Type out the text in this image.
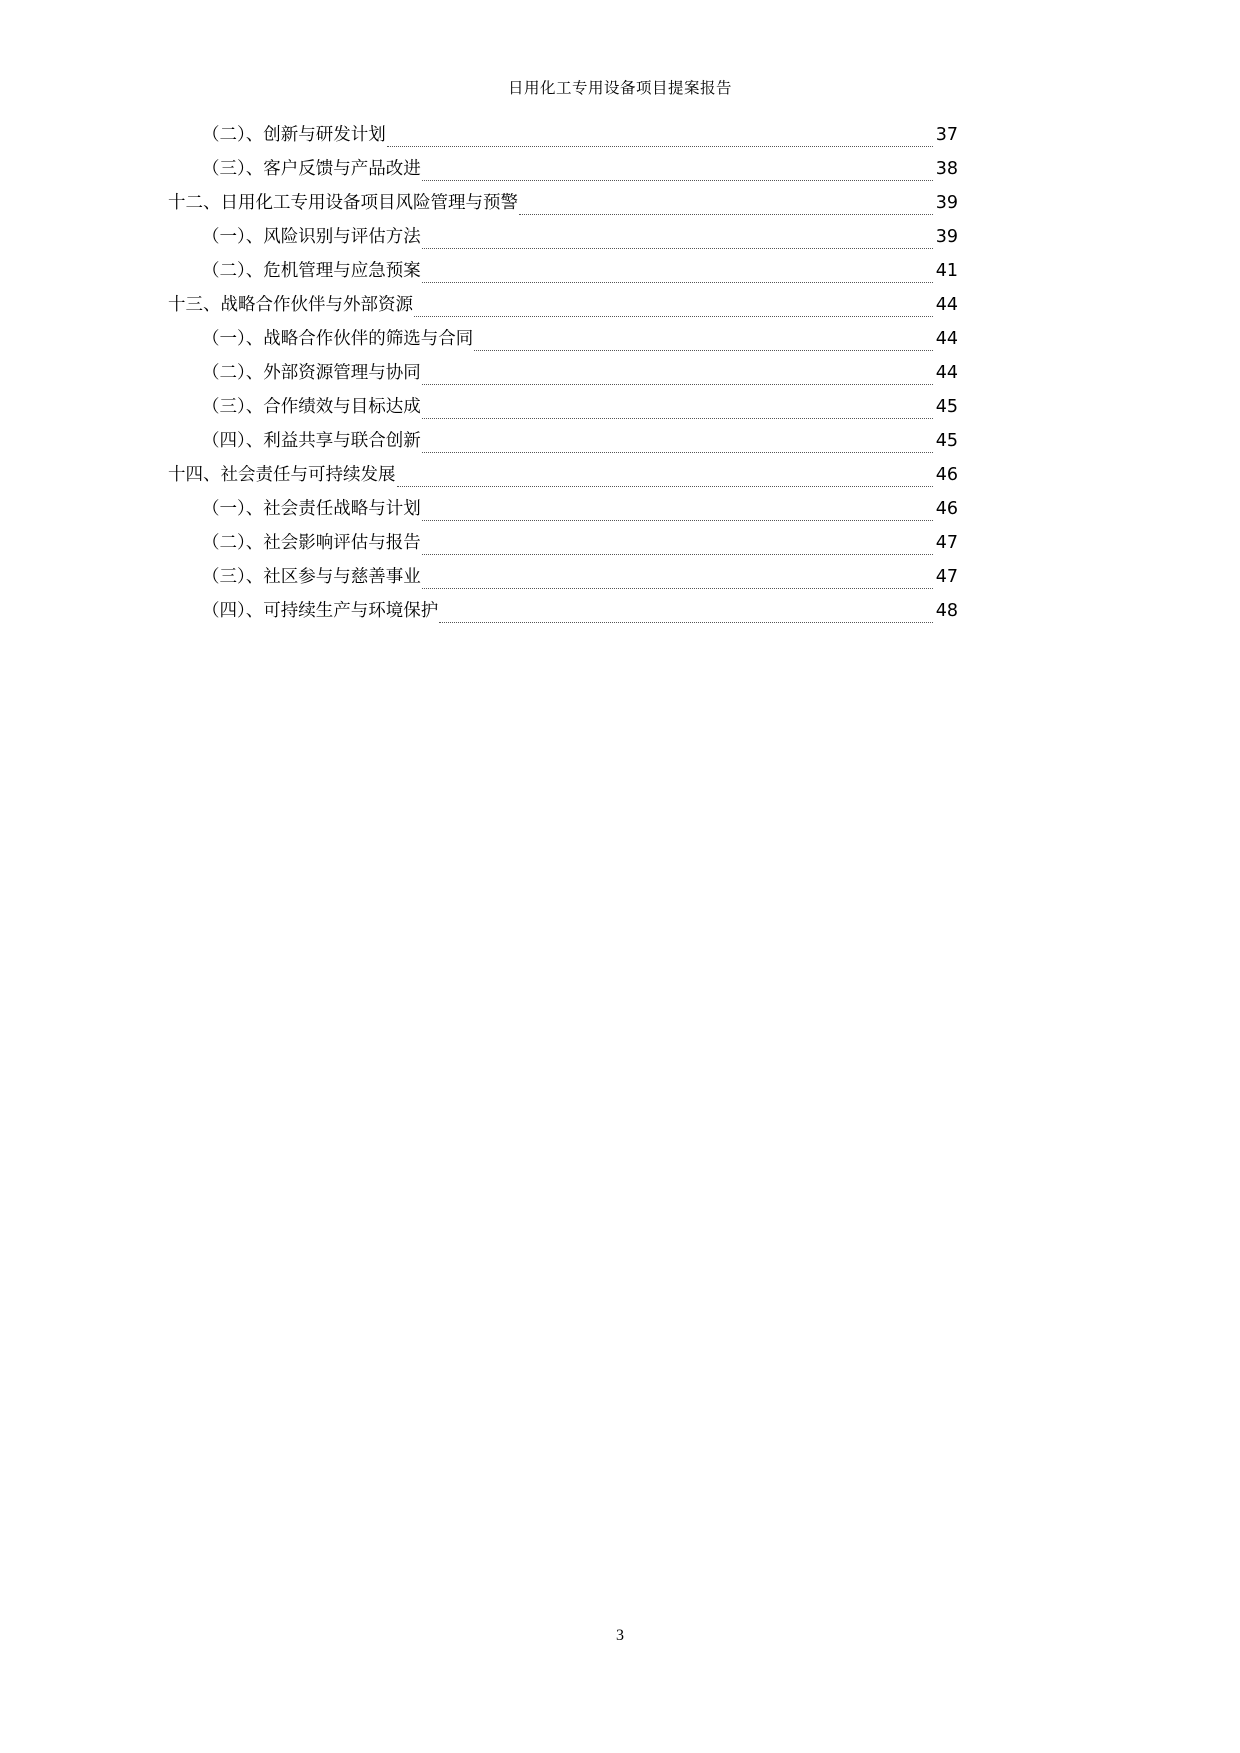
日用化工专用设备项目提案报告
（二）、创新与研发计划	37
（三）、客户反馈与产品改进	38
十二、日用化工专用设备项目风险管理与预警	39
（一）、风险识别与评估方法	39
（二）、危机管理与应急预案	41
十三、战略合作伙伴与外部资源	44
（一）、战略合作伙伴的筛选与合同	44
（二）、外部资源管理与协同	44
（三）、合作绩效与目标达成	45
（四）、利益共享与联合创新	45
十四、社会责任与可持续发展	46
（一）、社会责任战略与计划	46
（二）、社会影响评估与报告	47
（三）、社区参与与慈善事业	47
（四）、可持续生产与环境保护	48
3
